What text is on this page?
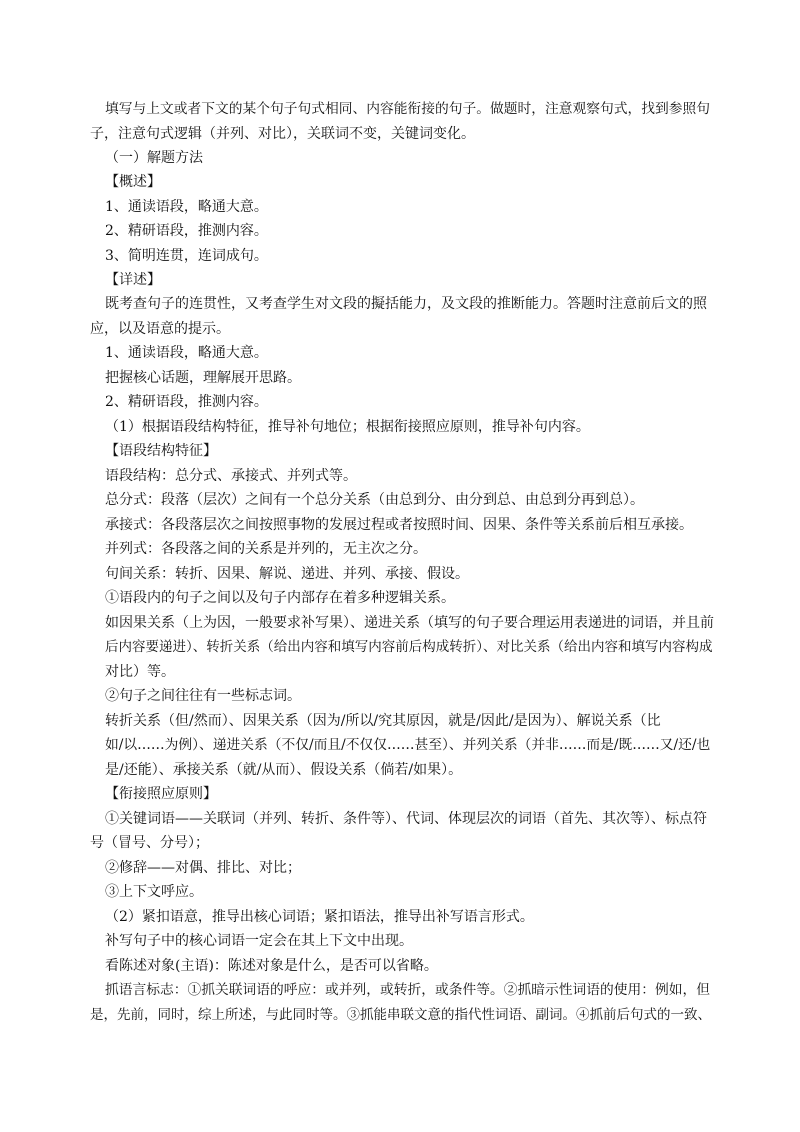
填写与上文或者下文的某个句子句式相同、内容能衔接的句子。做题时，注意观察句式，找到参照句
子，注意句式逻辑（并列、对比），关联词不变，关键词变化。
（一）解题方法
【概述】
1、通读语段，略通大意。
2、精研语段，推测内容。
3、简明连贯，连词成句。
【详述】
既考查句子的连贯性，又考查学生对文段的擬括能力，及文段的推断能力。答题时注意前后文的照
应，以及语意的提示。
1、通读语段，略通大意。
把握核心话题，理解展开思路。
2、精研语段，推测内容。
（1）根据语段结构特征，推导补句地位；根据衔接照应原则，推导补句内容。
【语段结构特征】
语段结构：总分式、承接式、并列式等。
总分式：段落（层次）之间有一个总分关系（由总到分、由分到总、由总到分再到总）。
承接式：各段落层次之间按照事物的发展过程或者按照时间、因果、条件等关系前后相互承接。
并列式：各段落之间的关系是并列的，无主次之分。
句间关系：转折、因果、解说、递进、并列、承接、假设。
①语段内的句子之间以及句子内部存在着多种逻辑关系。
如因果关系（上为因，一般要求补写果）、递进关系（填写的句子要合理运用表递进的词语，并且前
后内容要递进）、转折关系（给出内容和填写内容前后构成转折）、对比关系（给出内容和填写内容构成
对比）等。
②句子之间往往有一些标志词。
转折关系（但/然而）、因果关系（因为/所以/究其原因，就是/因此/是因为）、解说关系（比
如/以……为例）、递进关系（不仅/而且/不仅仅……甚至）、并列关系（并非……而是/既……又/还/也
是/还能）、承接关系（就/从而）、假设关系（倘若/如果）。
【衔接照应原则】
①关键词语——关联词（并列、转折、条件等）、代词、体现层次的词语（首先、其次等）、标点符
号（冒号、分号）；
②修辞——对偶、排比、对比；
③上下文呼应。
（2）紧扣语意，推导出核心词语；紧扣语法，推导出补写语言形式。
补写句子中的核心词语一定会在其上下文中出现。
看陈述对象(主语)：陈述对象是什么，是否可以省略。
抓语言标志：①抓关联词语的呼应：或并列，或转折，或条件等。②抓暗示性词语的使用：例如，但
是，先前，同时，综上所述，与此同时等。③抓能串联文意的指代性词语、副词。④抓前后句式的一致、
